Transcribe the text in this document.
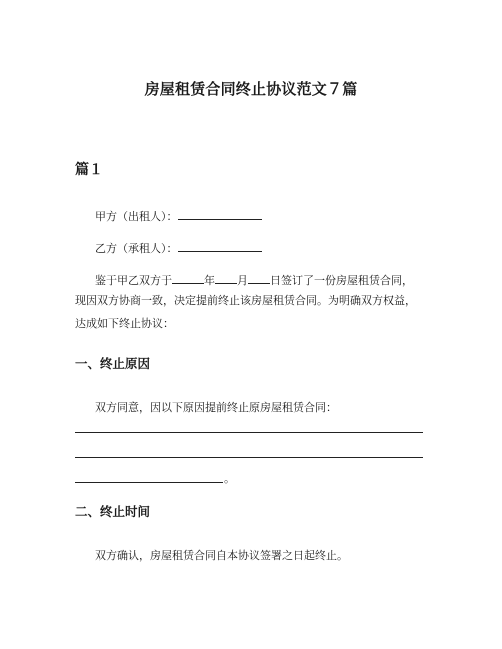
房屋租赁合同终止协议范文７篇
篇１
甲方（出租人）：
乙方（承租人）：
鉴于甲乙双方于	年 月 日签订了一份房屋租赁合同，
现因双方协商一致，决定提前终止该房屋租赁合同。为明确双方权益，
达成如下终止协议：
一、终止原因
双方同意，因以下原因提前终止原房屋租赁合同：
。
二、终止时间
双方确认，房屋租赁合同自本协议签署之日起终止。
